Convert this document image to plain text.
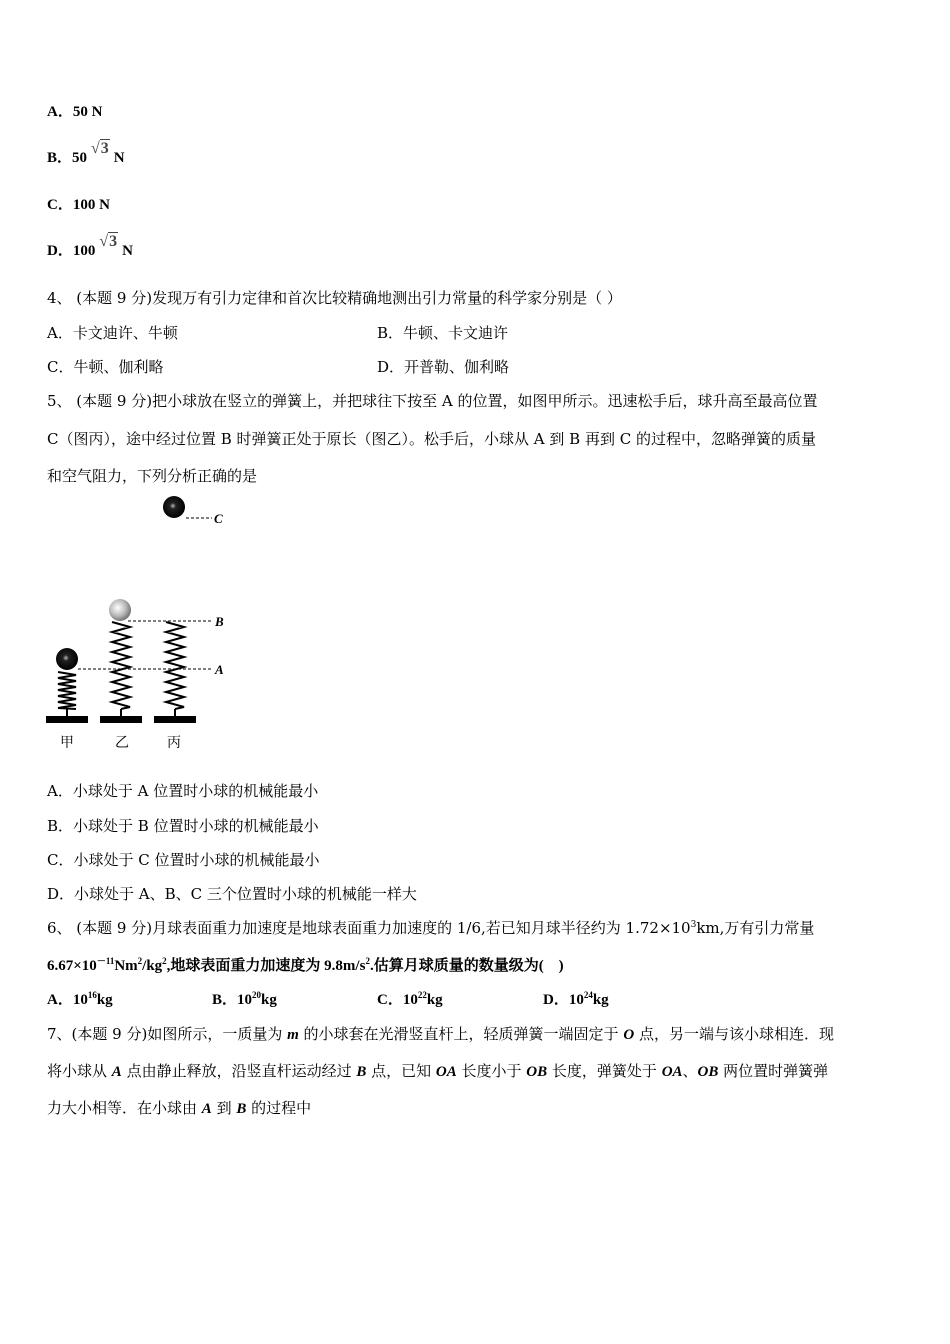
A．50 N
B．50√3N
C．100 N
D．100√3N
4、 (本题 9 分)发现万有引力定律和首次比较精确地测出引力常量的科学家分别是（ ）
A．卡文迪许、牛顿	B．牛顿、卡文迪许
C．牛顿、伽利略	D．开普勒、伽利略
5、 (本题 9 分)把小球放在竖立的弹簧上，并把球往下按至 A 的位置，如图甲所示。迅速松手后，球升高至最高位置
C（图丙），途中经过位置 B 时弹簧正处于原长（图乙）。松手后，小球从 A 到 B 再到 C 的过程中，忽略弹簧的质量
和空气阻力，下列分析正确的是
C
B
A
甲	乙	丙
A．小球处于 A 位置时小球的机械能最小
B．小球处于 B 位置时小球的机械能最小
C．小球处于 C 位置时小球的机械能最小
D．小球处于 A、B、C 三个位置时小球的机械能一样大
6、 (本题 9 分)月球表面重力加速度是地球表面重力加速度的 1/6,若已知月球半径约为 $1.72\times 10^3km$,万有引力常量
$6.67\times 10^{-11}Nm^2/kg^2$,地球表面重力加速度为 $9.8m/s^2$.估算月球质量的数量级为(　)
A．$10^{16}kg$	B．$10^{20}kg$	C．$10^{22}kg$	D．$10^{24}kg$
7、(本题 9 分)如图所示，一质量为 m 的小球套在光滑竖直杆上，轻质弹簧一端固定于 O 点，另一端与该小球相连．现
将小球从 A 点由静止释放，沿竖直杆运动经过 B 点，已知 OA 长度小于 OB 长度，弹簧处于 OA、OB 两位置时弹簧弹
力大小相等．在小球由 A 到 B 的过程中
